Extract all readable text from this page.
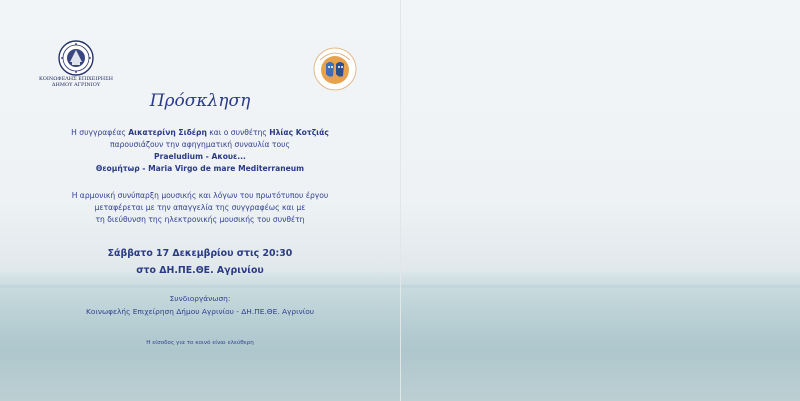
ΚΟΙΝΩΦΕΛΗΣ ΕΠΙΧΕΙΡΗΣΗ
ΔΗΜΟΥ ΑΓΡΙΝΙΟΥ
Πρόσκληση
Η συγγραφέας Αικατερίνη Σιδέρη και ο συνθέτης Ηλίας Κοτζιάς
παρουσιάζουν την αφηγηματική συναυλία τους
Praeludium - Ακουε...
Θεομήτωρ - Maria Virgo de mare Mediterraneum
Η αρμονική συνύπαρξη μουσικής και λόγων του πρωτότυπου έργου
μεταφέρεται με την απαγγελία της συγγραφέως και με
τη διεύθυνση της ηλεκτρονικής μουσικής του συνθέτη
Σάββατο 17 Δεκεμβρίου στις 20:30
στο ΔΗ.ΠΕ.ΘΕ. Αγρινίου
Συνδιοργάνωση:
Κοινωφελής Επιχείρηση Δήμου Αγρινίου - ΔΗ.ΠΕ.ΘΕ. Αγρινίου
Η είσοδος για το κοινό είναι ελεύθερη
